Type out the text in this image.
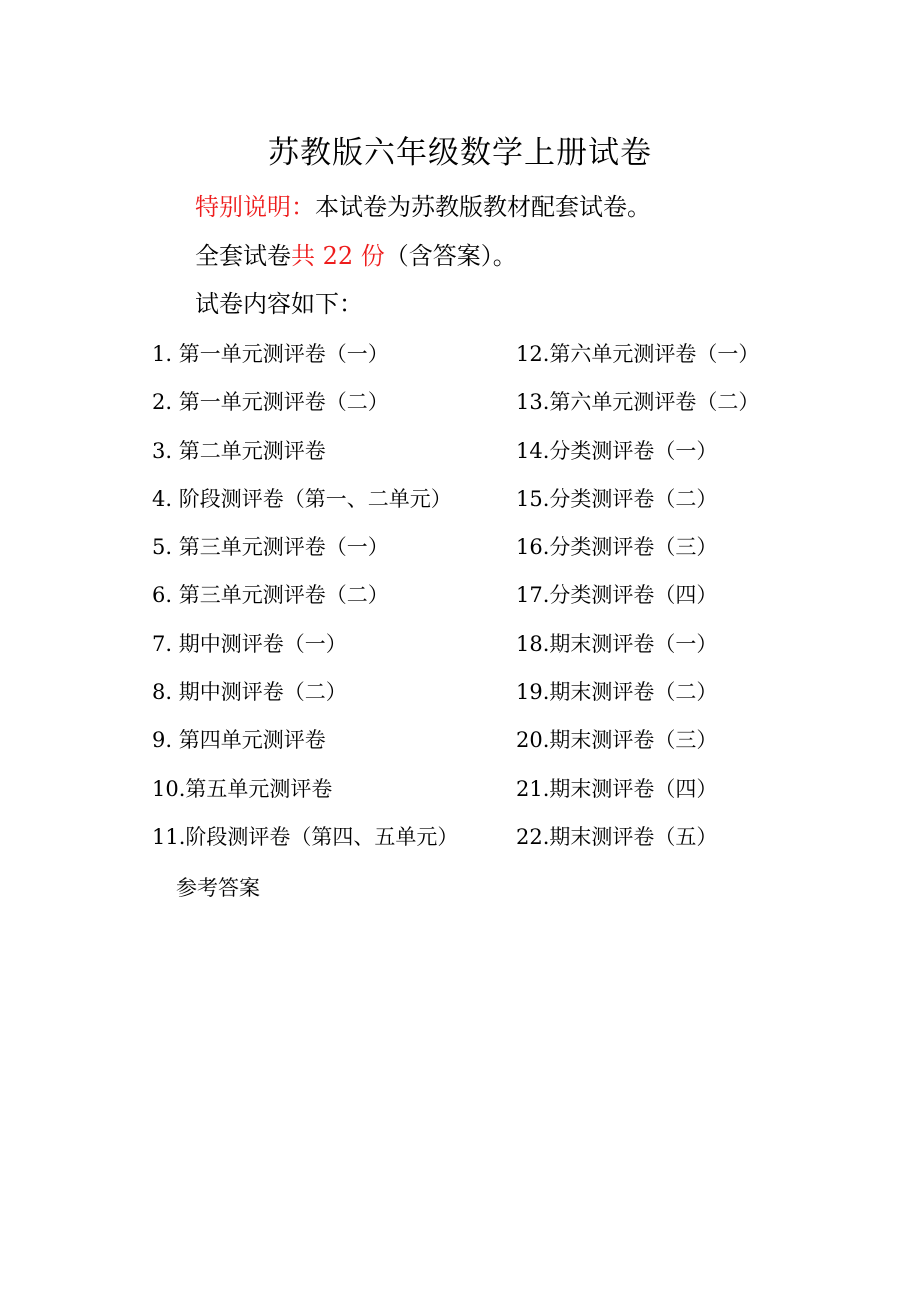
苏教版六年级数学上册试卷
特别说明：本试卷为苏教版教材配套试卷。
全套试卷共 22 份（含答案）。
试卷内容如下：
1. 第一单元测评卷（一）
2. 第一单元测评卷（二）
3. 第二单元测评卷
4. 阶段测评卷（第一、二单元）
5. 第三单元测评卷（一）
6. 第三单元测评卷（二）
7. 期中测评卷（一）
8. 期中测评卷（二）
9. 第四单元测评卷
10.第五单元测评卷
11.阶段测评卷（第四、五单元）
12.第六单元测评卷（一）
13.第六单元测评卷（二）
14.分类测评卷（一）
15.分类测评卷（二）
16.分类测评卷（三）
17.分类测评卷（四）
18.期末测评卷（一）
19.期末测评卷（二）
20.期末测评卷（三）
21.期末测评卷（四）
22.期末测评卷（五）
参考答案
